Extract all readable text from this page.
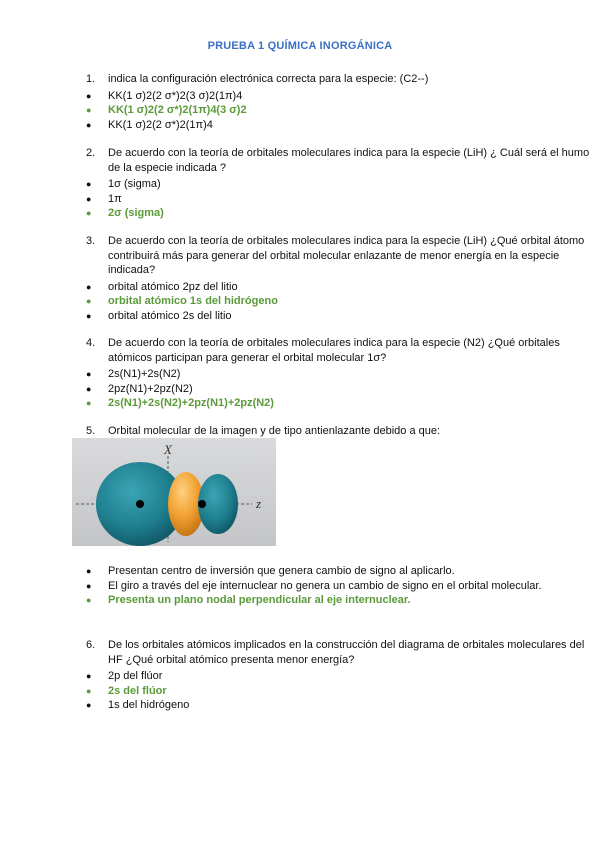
PRUEBA 1 QUÍMICA INORGÁNICA
1.	indica la configuración electrónica correcta para la especie: (C2--)
●	KK(1 σ)2(2 σ*)2(3 σ)2(1π)4
●	KK(1 σ)2(2 σ*)2(1π)4(3 σ)2
●	KK(1 σ)2(2 σ*)2(1π)4
2.	De acuerdo con la teoría de orbitales moleculares indica para la especie (LiH) ¿ Cuál será el humo de la especie indicada ?
●	1σ (sigma)
●	1π
●	2σ (sigma)
3.	De acuerdo con la teoría de orbitales moleculares indica para la especie (LiH) ¿Qué orbital átomo contribuirá más para generar del orbital molecular enlazante de menor energía en la especie indicada?
●	orbital atómico 2pz del litio
●	orbital atómico 1s del hidrógeno
●	orbital atómico 2s del litio
4.	De acuerdo con la teoría de orbitales moleculares indica para la especie (N2) ¿Qué orbitales atómicos participan para generar el orbital molecular 1σ?
●	2s(N1)+2s(N2)
●	2pz(N1)+2pz(N2)
●	2s(N1)+2s(N2)+2pz(N1)+2pz(N2)
5.	Orbital molecular de la imagen y de tipo antienlazante debido a que:
X
z
●	Presentan centro de inversión que genera cambio de signo al aplicarlo.
●	El giro a través del eje internuclear no genera un cambio de signo en el orbital molecular.
●	Presenta un plano nodal perpendicular al eje internuclear.
6.	De los orbitales atómicos implicados en la construcción del diagrama de orbitales moleculares del HF ¿Qué orbital atómico presenta menor energía?
●	2p del flúor
●	2s del flúor
●	1s del hidrógeno
